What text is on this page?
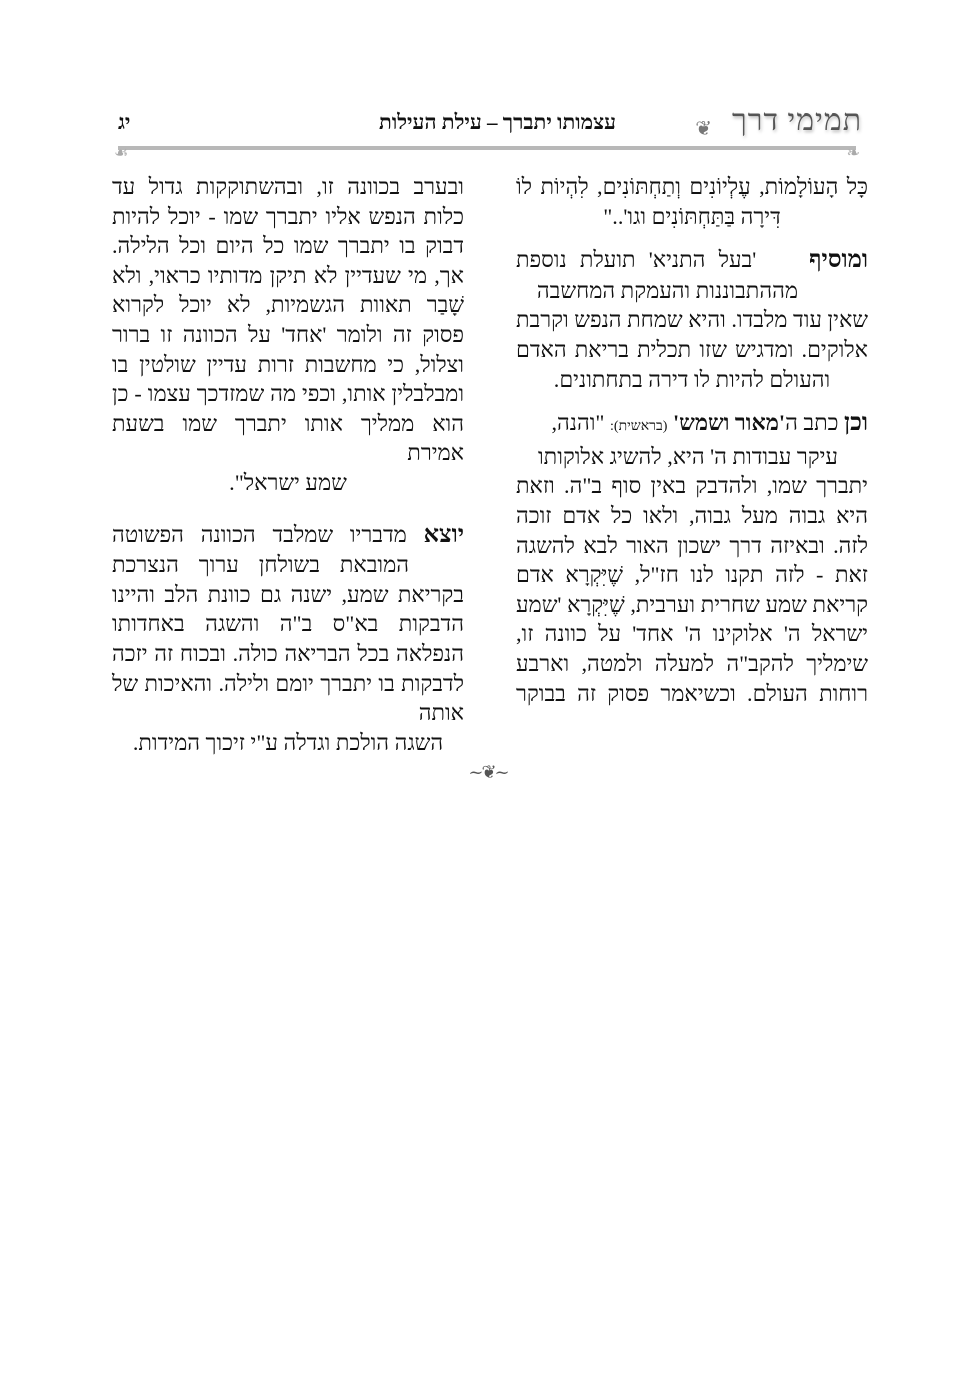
תמימי דרך
❦
עצמותו יתברך – עילת העילות
יג
❧
☙

כָּל הָעוֹלָמוֹת, עֶלְיוֹנִים וְתַחְתּוֹנִים, לִהְיוֹת לוֹ
דִּירָה בַּתַּחְתּוֹנִים וגו'.."

ומוסיף    'בעל התניא' תועלת נוספת
מההתבוננות והעמקת המחשבה
שאין עוד מלבדו. והיא שמחת הנפש וקרבת אלוקים. ומדגיש שזו תכלית בריאת האדם
והעולם להיות לו דירה בתחתונים.

וכן כתב ה'מאור ושמש' (בראשית): "והנה,
עיקר עבודות ה' היא, להשיג אלוקותו
יתברך שמו, ולהדבק באין סוף ב"ה. וזאת היא גבוה מעל גבוה, ולאו כל אדם זוכה לזה. ובאיזה דרך ישכון האור לבא להשגה זאת - לזה תקנו לנו חז"ל, שֶׁיִּקְרָא אדם קריאת שמע שחרית וערבית, שֶׁיִּקְרָא 'שמע ישראל ה' אלוקינו ה' אחד' על כוונה זו, שימליך להקב"ה למעלה ולמטה, וארבע רוחות העולם. וכשיאמר פסוק זה בבוקר

ובערב בכוונה זו, ובהשתוקקות גדול עד כלות הנפש אליו יתברך שמו - יוכל להיות דבוק בו יתברך שמו כל היום וכל הלילה. אך, מי שעדיין לא תיקן מדותיו כראוי, ולא שָׁבַר תאוות הגשמיות, לא יוכל לקרוא פסוק זה ולומר 'אחד' על הכוונה זו ברור וצלול, כי מחשבות זרות עדיין שולטין בו ומבלבלין אותו, וכפי מה שמזדכך עצמו - כן הוא ממליך אותו יתברך שמו בשעת אמירת
שמע ישראל".

יוצא מדבריו שמלבד הכוונה הפשוטה
המובאת בשולחן ערוך הנצרכת
בקריאת שמע, ישנה גם כוונת הלב והיינו הדבקות בא"ס ב"ה והשגה באחדותו הנפלאה בכל הבריאה כולה. ובכוח זה יזכה לדבקות בו יתברך יומם ולילה. והאיכות של אותה
השגה הולכת וגדלה ע"י זיכוך המידות.

~❦~
